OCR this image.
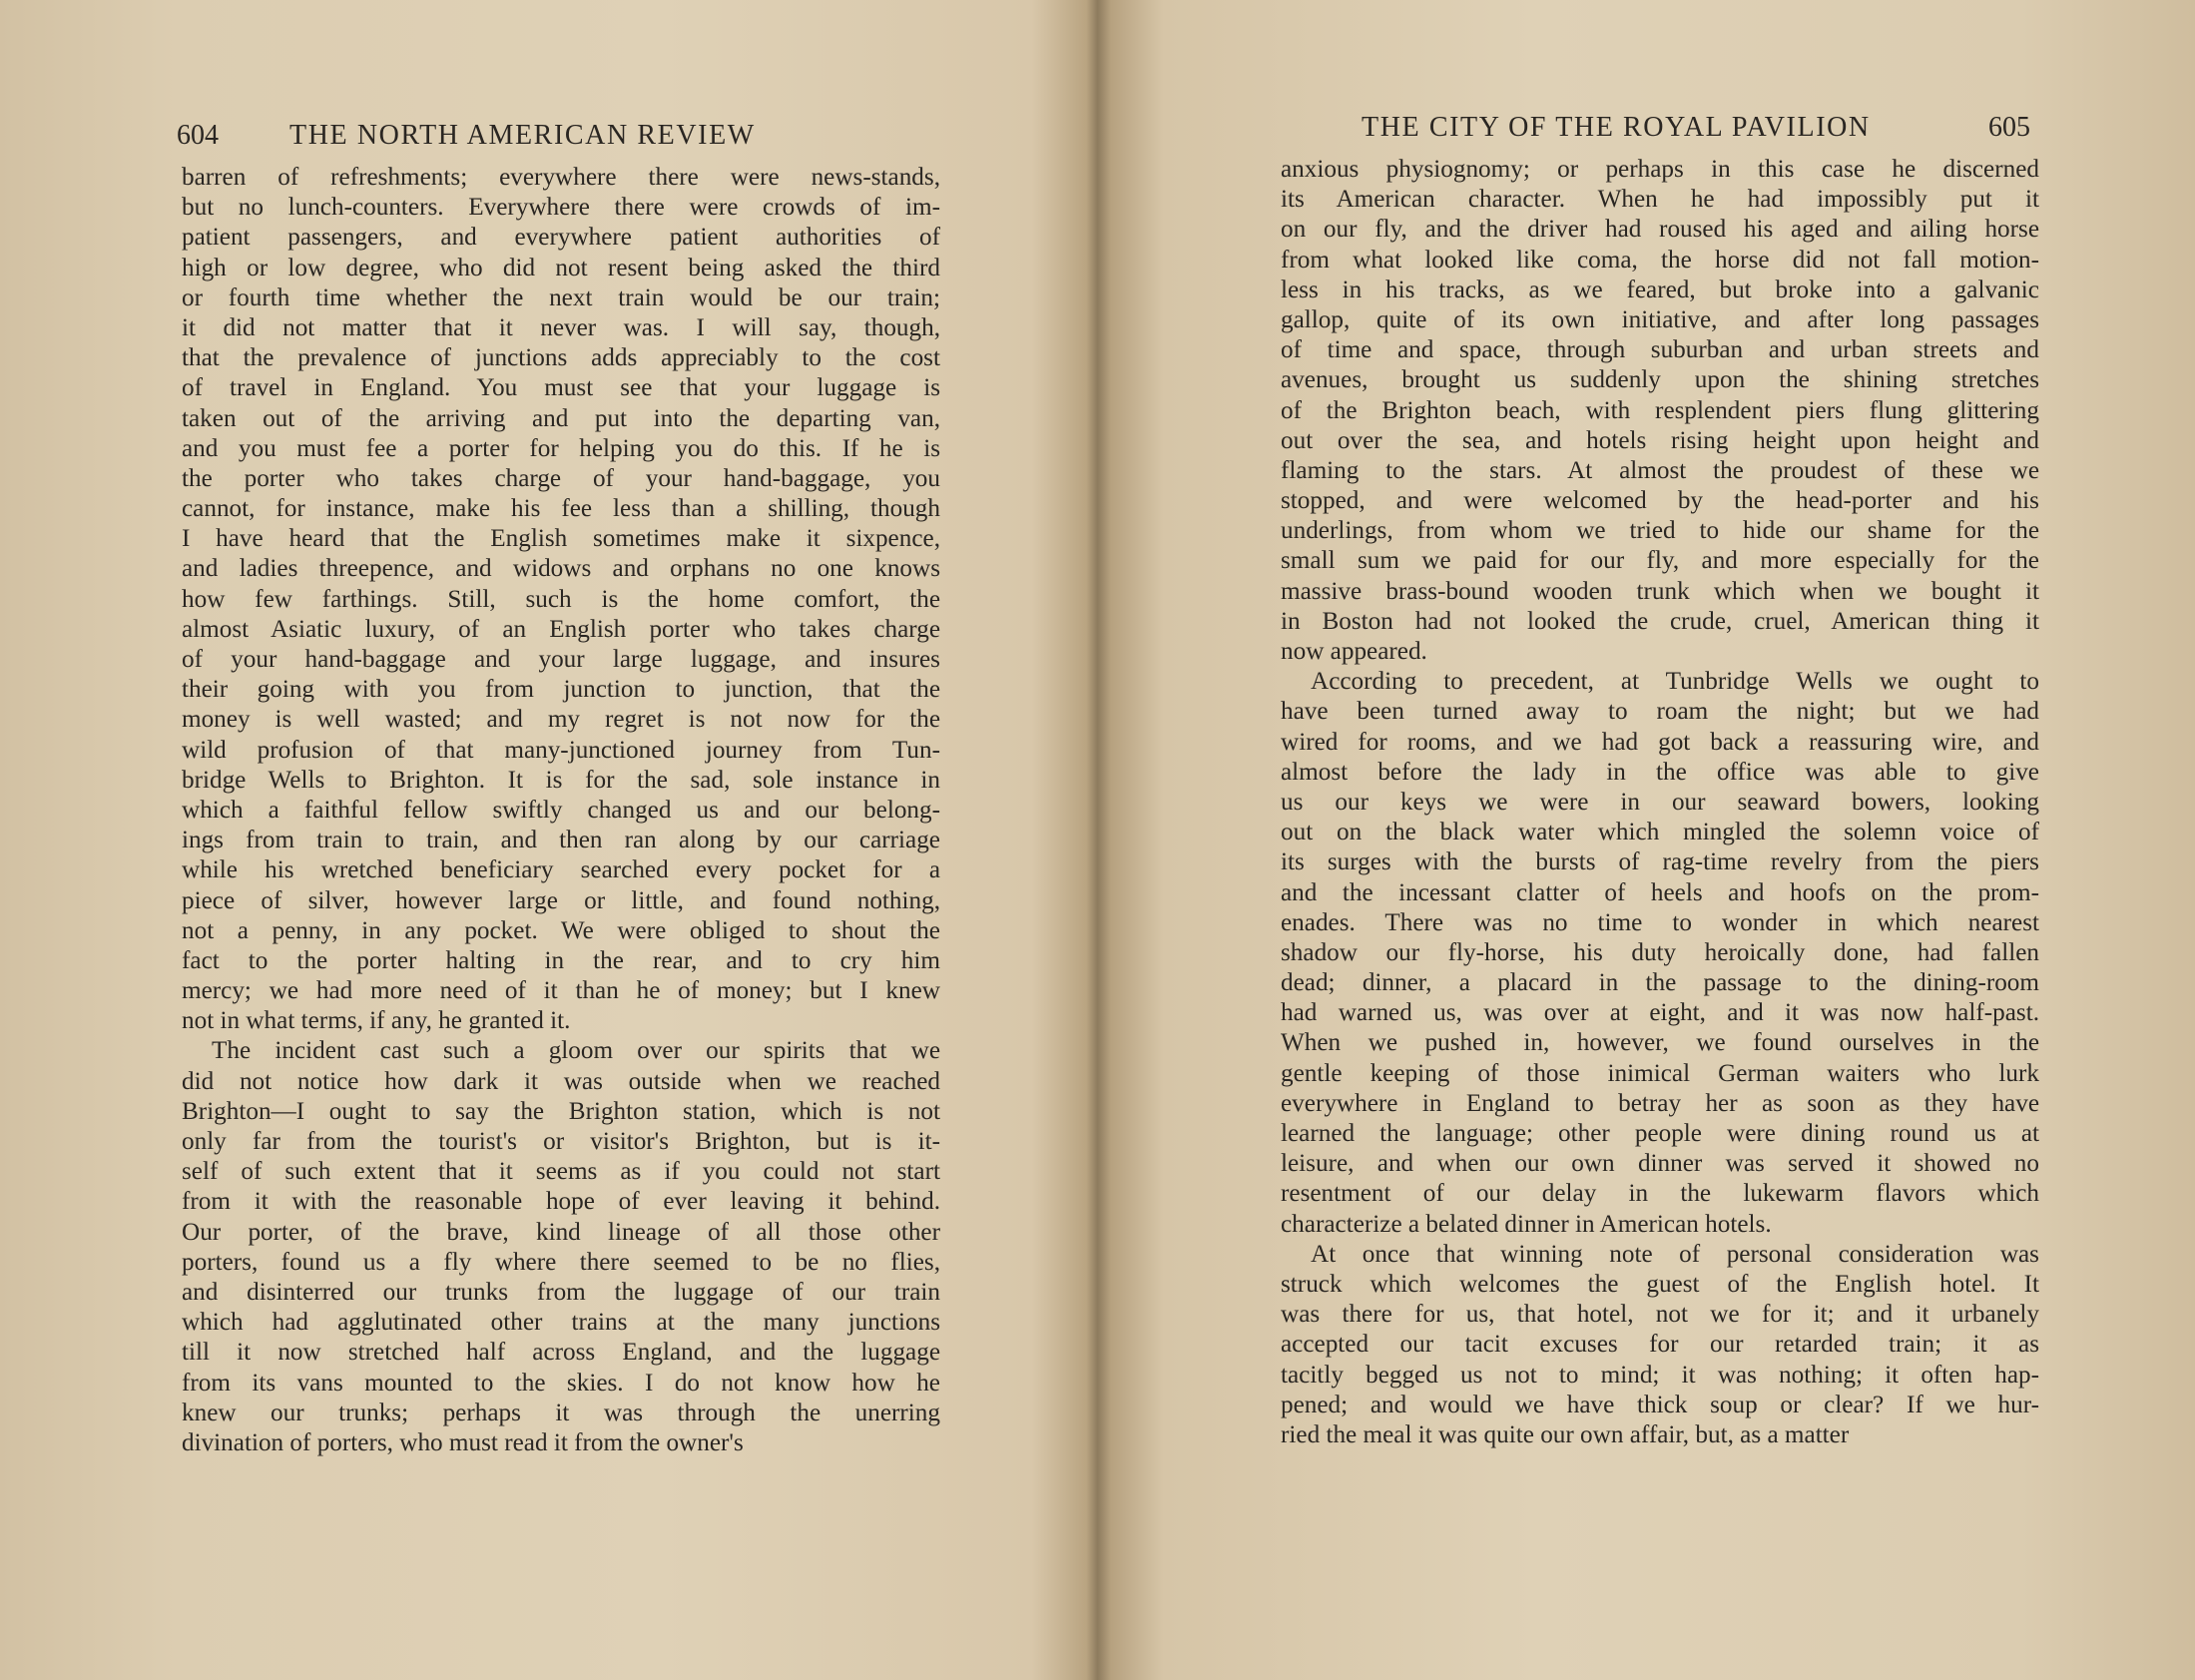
604	THE NORTH AMERICAN REVIEW
barren of refreshments; everywhere there were news-stands,
but no lunch-counters. Everywhere there were crowds of im-
patient passengers, and everywhere patient authorities of
high or low degree, who did not resent being asked the third
or fourth time whether the next train would be our train;
it did not matter that it never was. I will say, though,
that the prevalence of junctions adds appreciably to the cost
of travel in England. You must see that your luggage is
taken out of the arriving and put into the departing van,
and you must fee a porter for helping you do this. If he is
the porter who takes charge of your hand-baggage, you
cannot, for instance, make his fee less than a shilling, though
I have heard that the English sometimes make it sixpence,
and ladies threepence, and widows and orphans no one knows
how few farthings. Still, such is the home comfort, the
almost Asiatic luxury, of an English porter who takes charge
of your hand-baggage and your large luggage, and insures
their going with you from junction to junction, that the
money is well wasted; and my regret is not now for the
wild profusion of that many-junctioned journey from Tun-
bridge Wells to Brighton. It is for the sad, sole instance in
which a faithful fellow swiftly changed us and our belong-
ings from train to train, and then ran along by our carriage
while his wretched beneficiary searched every pocket for a
piece of silver, however large or little, and found nothing,
not a penny, in any pocket. We were obliged to shout the
fact to the porter halting in the rear, and to cry him
mercy; we had more need of it than he of money; but I knew
not in what terms, if any, he granted it.
The incident cast such a gloom over our spirits that we
did not notice how dark it was outside when we reached
Brighton—I ought to say the Brighton station, which is not
only far from the tourist's or visitor's Brighton, but is it-
self of such extent that it seems as if you could not start
from it with the reasonable hope of ever leaving it behind.
Our porter, of the brave, kind lineage of all those other
porters, found us a fly where there seemed to be no flies,
and disinterred our trunks from the luggage of our train
which had agglutinated other trains at the many junctions
till it now stretched half across England, and the luggage
from its vans mounted to the skies. I do not know how he
knew our trunks; perhaps it was through the unerring
divination of porters, who must read it from the owner's
THE CITY OF THE ROYAL PAVILION	605
anxious physiognomy; or perhaps in this case he discerned
its American character. When he had impossibly put it
on our fly, and the driver had roused his aged and ailing horse
from what looked like coma, the horse did not fall motion-
less in his tracks, as we feared, but broke into a galvanic
gallop, quite of its own initiative, and after long passages
of time and space, through suburban and urban streets and
avenues, brought us suddenly upon the shining stretches
of the Brighton beach, with resplendent piers flung glittering
out over the sea, and hotels rising height upon height and
flaming to the stars. At almost the proudest of these we
stopped, and were welcomed by the head-porter and his
underlings, from whom we tried to hide our shame for the
small sum we paid for our fly, and more especially for the
massive brass-bound wooden trunk which when we bought it
in Boston had not looked the crude, cruel, American thing it
now appeared.
According to precedent, at Tunbridge Wells we ought to
have been turned away to roam the night; but we had
wired for rooms, and we had got back a reassuring wire, and
almost before the lady in the office was able to give
us our keys we were in our seaward bowers, looking
out on the black water which mingled the solemn voice of
its surges with the bursts of rag-time revelry from the piers
and the incessant clatter of heels and hoofs on the prom-
enades. There was no time to wonder in which nearest
shadow our fly-horse, his duty heroically done, had fallen
dead; dinner, a placard in the passage to the dining-room
had warned us, was over at eight, and it was now half-past.
When we pushed in, however, we found ourselves in the
gentle keeping of those inimical German waiters who lurk
everywhere in England to betray her as soon as they have
learned the language; other people were dining round us at
leisure, and when our own dinner was served it showed no
resentment of our delay in the lukewarm flavors which
characterize a belated dinner in American hotels.
At once that winning note of personal consideration was
struck which welcomes the guest of the English hotel. It
was there for us, that hotel, not we for it; and it urbanely
accepted our tacit excuses for our retarded train; it as
tacitly begged us not to mind; it was nothing; it often hap-
pened; and would we have thick soup or clear? If we hur-
ried the meal it was quite our own affair, but, as a matter
